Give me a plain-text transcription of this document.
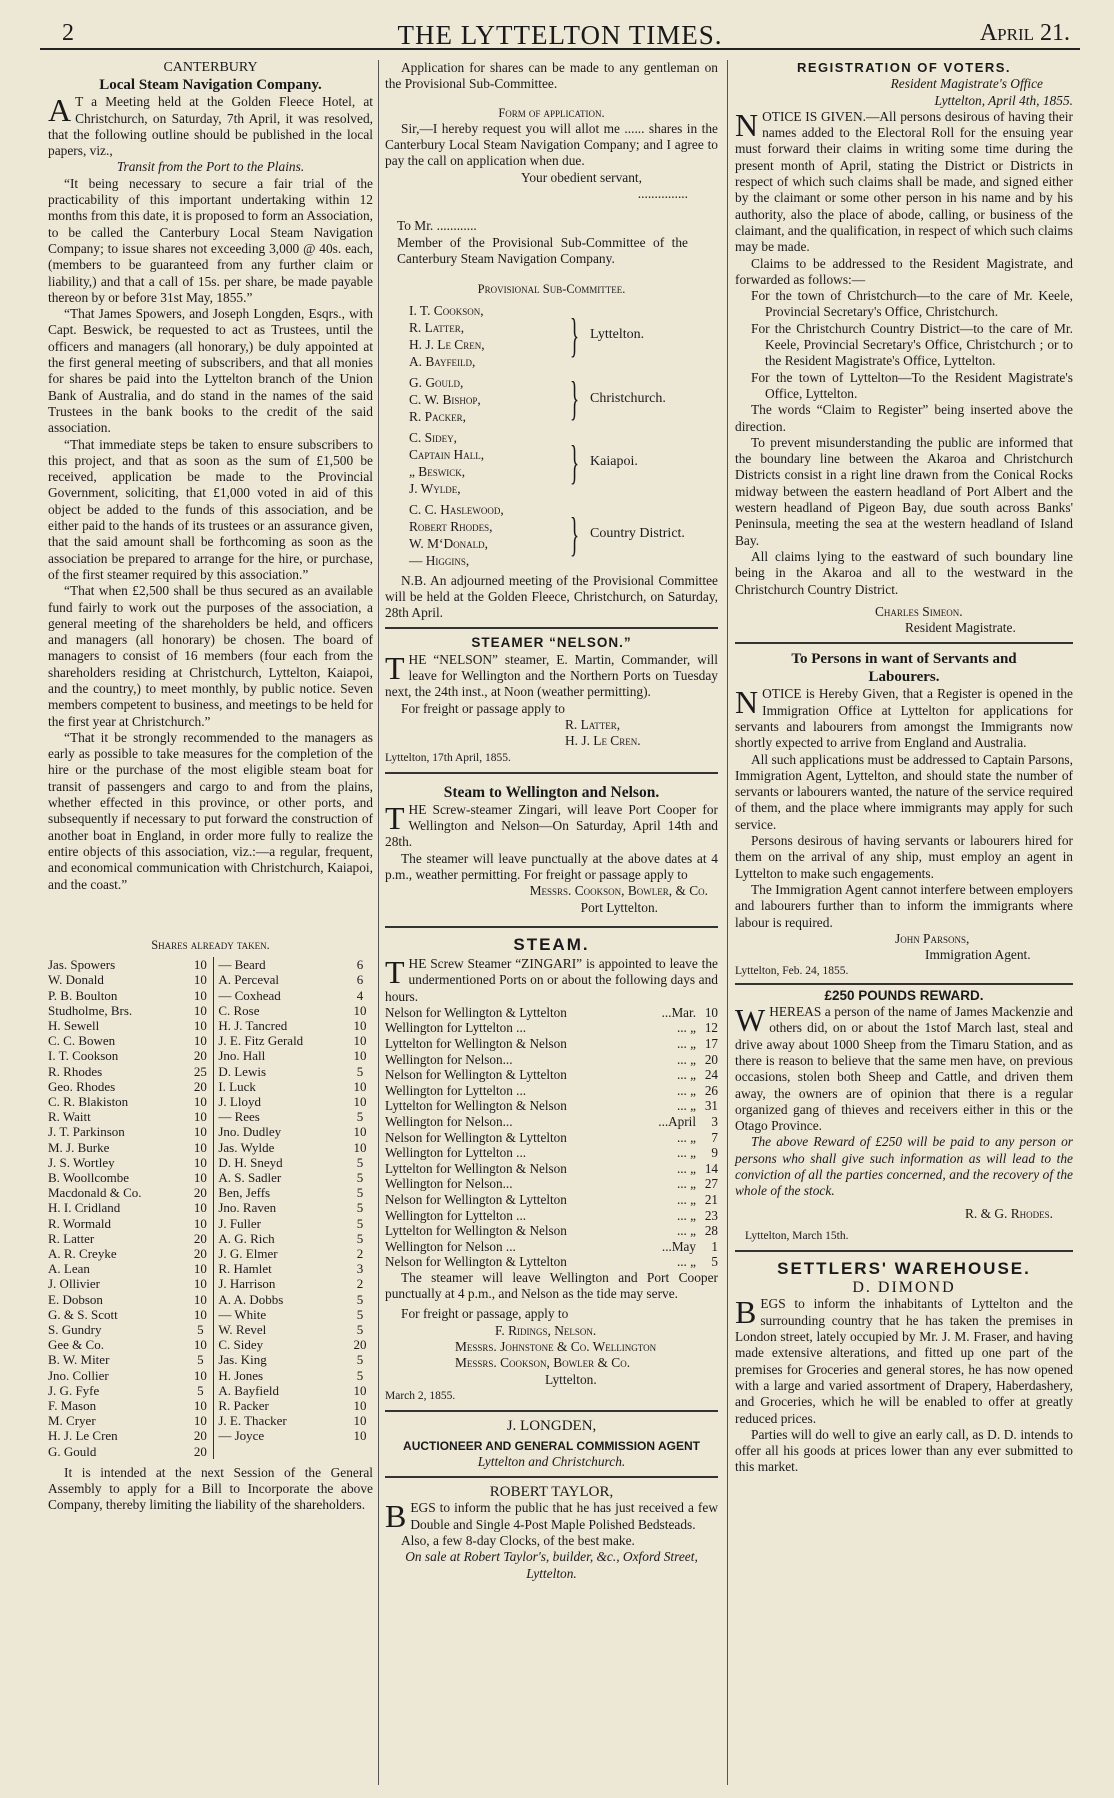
2	THE LYTTELTON TIMES.	April 21.
CANTERBURY
Local Steam Navigation Company.

A T a Meeting held at the Golden Fleece Hotel, at Christchurch, on Saturday, 7th April, it was resolved, that the following outline should be published in the local papers, viz.,

Transit from the Port to the Plains.

“It being necessary to secure a fair trial of the practicability of this important undertaking within 12 months from this date, it is proposed to form an Association, to be called the Canterbury Local Steam Navigation Company; to issue shares not exceeding 3,000 @ 40s. each, (members to be guaranteed from any further claim or liability,) and that a call of 15s. per share, be made payable thereon by or before 31st May, 1855.”

“That James Spowers, and Joseph Longden, Esqrs., with Capt. Beswick, be requested to act as Trustees, until the officers and managers (all honorary,) be duly appointed at the first general meeting of subscribers, and that all monies for shares be paid into the Lyttelton branch of the Union Bank of Australia, and do stand in the names of the said Trustees in the bank books to the credit of the said association.

“That immediate steps be taken to ensure subscribers to this project, and that as soon as the sum of £1,500 be received, application be made to the Provincial Government, soliciting, that £1,000 voted in aid of this object be added to the funds of this association, and be either paid to the hands of its trustees or an assurance given, that the said amount shall be forthcoming as soon as the association be prepared to arrange for the hire, or purchase, of the first steamer required by this association.”

“That when £2,500 shall be thus secured as an available fund fairly to work out the purposes of the association, a general meeting of the shareholders be held, and officers and managers (all honorary) be chosen. The board of managers to consist of 16 members (four each from the shareholders residing at Christchurch, Lyttelton, Kaiapoi, and the country,) to meet monthly, by public notice. Seven members competent to business, and meetings to be held for the first year at Christchurch.”

“That it be strongly recommended to the managers as early as possible to take measures for the completion of the hire or the purchase of the most eligible steam boat for transit of passengers and cargo to and from the plains, whether effected in this province, or other ports, and subsequently if necessary to put forward the construction of another boat in England, in order more fully to realize the entire objects of this association, viz.:—a regular, frequent, and economical communication with Christchurch, Kaiapoi, and the coast.”

Shares already taken.
Jas. Spowers	10	— Beard	6
W. Donald	10	A. Perceval	6
P. B. Boulton	10	— Coxhead	4
Studholme, Brs.	10	C. Rose	10
H. Sewell	10	H. J. Tancred	10
C. C. Bowen	10	J. E. Fitz Gerald	10
I. T. Cookson	20	Jno. Hall	10
R. Rhodes	25	D. Lewis	5
Geo. Rhodes	20	I. Luck	10
C. R. Blakiston	10	J. Lloyd	10
R. Waitt	10	— Rees	5
J. T. Parkinson	10	Jno. Dudley	10
M. J. Burke	10	Jas. Wylde	10
J. S. Wortley	10	D. H. Sneyd	5
B. Woollcombe	10	A. S. Sadler	5
Macdonald & Co.	20	Ben, Jeffs	5
H. I. Cridland	10	Jno. Raven	5
R. Wormald	10	J. Fuller	5
R. Latter	20	A. G. Rich	5
A. R. Creyke	20	J. G. Elmer	2
A. Lean	10	R. Hamlet	3
J. Ollivier	10	J. Harrison	2
E. Dobson	10	A. A. Dobbs	5
G. & S. Scott	10	— White	5
S. Gundry	5	W. Revel	5
Gee & Co.	10	C. Sidey	20
B. W. Miter	5	Jas. King	5
Jno. Collier	10	H. Jones	5
J. G. Fyfe	5	A. Bayfield	10
F. Mason	10	R. Packer	10
M. Cryer	10	J. E. Thacker	10
H. J. Le Cren	20	— Joyce	10
G. Gould	20		

It is intended at the next Session of the General Assembly to apply for a Bill to Incorporate the above Company, thereby limiting the liability of the shareholders.

Application for shares can be made to any gentleman on the Provisional Sub-Committee.

Form of application.

Sir,—I hereby request you will allot me ...... shares in the Canterbury Local Steam Navigation Company; and I agree to pay the call on application when due.

Your obedient servant,

...............

To Mr. ............

Member of the Provisional Sub-Committee of the Canterbury Steam Navigation Company.

Provisional Sub-Committee.
I. T. Cookson,
R. Latter,
H. J. Le Cren,
A. Bayfeild,	} Lyttelton.
G. Gould,
C. W. Bishop,
R. Packer,	} Christchurch.
C. Sidey,
Captain Hall,
„ Beswick,
J. Wylde,	} Kaiapoi.
C. C. Haslewood,
Robert Rhodes,
W. M‘Donald,
— Higgins,	} Country District.

N.B. An adjourned meeting of the Provisional Committee will be held at the Golden Fleece, Christchurch, on Saturday, 28th April.

STEAMER “NELSON.”

THE “NELSON” steamer, E. Martin, Commander, will leave for Wellington and the Northern Ports on Tuesday next, the 24th inst., at Noon (weather permitting).

For freight or passage apply to

R. Latter,

H. J. Le Cren.

Lyttelton, 17th April, 1855.

Steam to Wellington and Nelson.

THE Screw-steamer Zingari, will leave Port Cooper for Wellington and Nelson—On Saturday, April 14th and 28th.

The steamer will leave punctually at the above dates at 4 p.m., weather permitting. For freight or passage apply to

Messrs. Cookson, Bowler, & Co.

Port Lyttelton.

STEAM.

THE Screw Steamer “ZINGARI” is appointed to leave the undermentioned Ports on or about the following days and hours.

Nelson for Wellington & Lyttelton	...Mar.	10
Wellington for Lyttelton ...	... „	12
Lyttelton for Wellington & Nelson	... „	17
Wellington for Nelson...	... „	20
Nelson for Wellington & Lyttelton	... „	24
Wellington for Lyttelton ...	... „	26
Lyttelton for Wellington & Nelson	... „	31
Wellington for Nelson...	...April	3
Nelson for Wellington & Lyttelton	... „	7
Wellington for Lyttelton ...	... „	9
Lyttelton for Wellington & Nelson	... „	14
Wellington for Nelson...	... „	27
Nelson for Wellington & Lyttelton	... „	21
Wellington for Lyttelton ...	... „	23
Lyttelton for Wellington & Nelson	... „	28
Wellington for Nelson ...	...May	1
Nelson for Wellington & Lyttelton	... „	5

The steamer will leave Wellington and Port Cooper punctually at 4 p.m., and Nelson as the tide may serve.

For freight or passage, apply to

F. Ridings, Nelson.

Messrs. Johnstone & Co. Wellington

Messrs. Cookson, Bowler & Co.

Lyttelton.

March 2, 1855.

J. LONGDEN,
AUCTIONEER AND GENERAL COMMISSION AGENT
Lyttelton and Christchurch.
ROBERT TAYLOR,

BEGS to inform the public that he has just received a few Double and Single 4-Post Maple Polished Bedsteads.

Also, a few 8-day Clocks, of the best make.

On sale at Robert Taylor's, builder, &c., Oxford Street, Lyttelton.

REGISTRATION OF VOTERS.

Resident Magistrate's Office

Lyttelton, April 4th, 1855.

NOTICE IS GIVEN.—All persons desirous of having their names added to the Electoral Roll for the ensuing year must forward their claims in writing some time during the present month of April, stating the District or Districts in respect of which such claims shall be made, and signed either by the claimant or some other person in his name and by his authority, also the place of abode, calling, or business of the claimant, and the qualification, in respect of which such claims may be made.

Claims to be addressed to the Resident Magistrate, and forwarded as follows:—

For the town of Christchurch—to the care of Mr. Keele, Provincial Secretary's Office, Christchurch.

For the Christchurch Country District—to the care of Mr. Keele, Provincial Secretary's Office, Christchurch ; or to the Resident Magistrate's Office, Lyttelton.

For the town of Lyttelton—To the Resident Magistrate's Office, Lyttelton.

The words “Claim to Register” being inserted above the direction.

To prevent misunderstanding the public are informed that the boundary line between the Akaroa and Christchurch Districts consist in a right line drawn from the Conical Rocks midway between the eastern headland of Port Albert and the western headland of Pigeon Bay, due south across Banks' Peninsula, meeting the sea at the western headland of Island Bay.

All claims lying to the eastward of such boundary line being in the Akaroa and all to the westward in the Christchurch Country District.

Charles Simeon.

Resident Magistrate.

To Persons in want of Servants and Labourers.

NOTICE is Hereby Given, that a Register is opened in the Immigration Office at Lyttelton for applications for servants and labourers from amongst the Immigrants now shortly expected to arrive from England and Australia.

All such applications must be addressed to Captain Parsons, Immigration Agent, Lyttelton, and should state the number of servants or labourers wanted, the nature of the service required of them, and the place where immigrants may apply for such service.

Persons desirous of having servants or labourers hired for them on the arrival of any ship, must employ an agent in Lyttelton to make such engagements.

The Immigration Agent cannot interfere between employers and labourers further than to inform the immigrants where labour is required.

John Parsons,

Immigration Agent.

Lyttelton, Feb. 24, 1855.

£250 POUNDS REWARD.

WHEREAS a person of the name of James Mackenzie and others did, on or about the 1stof March last, steal and drive away about 1000 Sheep from the Timaru Station, and as there is reason to believe that the same men have, on previous occasions, stolen both Sheep and Cattle, and driven them away, the owners are of opinion that there is a regular organized gang of thieves and receivers either in this or the Otago Province.

The above Reward of £250 will be paid to any person or persons who shall give such information as will lead to the conviction of all the parties concerned, and the recovery of the whole of the stock.

R. & G. Rhodes.

Lyttelton, March 15th.

SETTLERS' WAREHOUSE.
D. DIMOND

BEGS to inform the inhabitants of Lyttelton and the surrounding country that he has taken the premises in London street, lately occupied by Mr. J. M. Fraser, and having made extensive alterations, and fitted up one part of the premises for Groceries and general stores, he has now opened with a large and varied assortment of Drapery, Haberdashery, and Groceries, which he will be enabled to offer at greatly reduced prices.

Parties will do well to give an early call, as D. D. intends to offer all his goods at prices lower than any ever submitted to this market.
